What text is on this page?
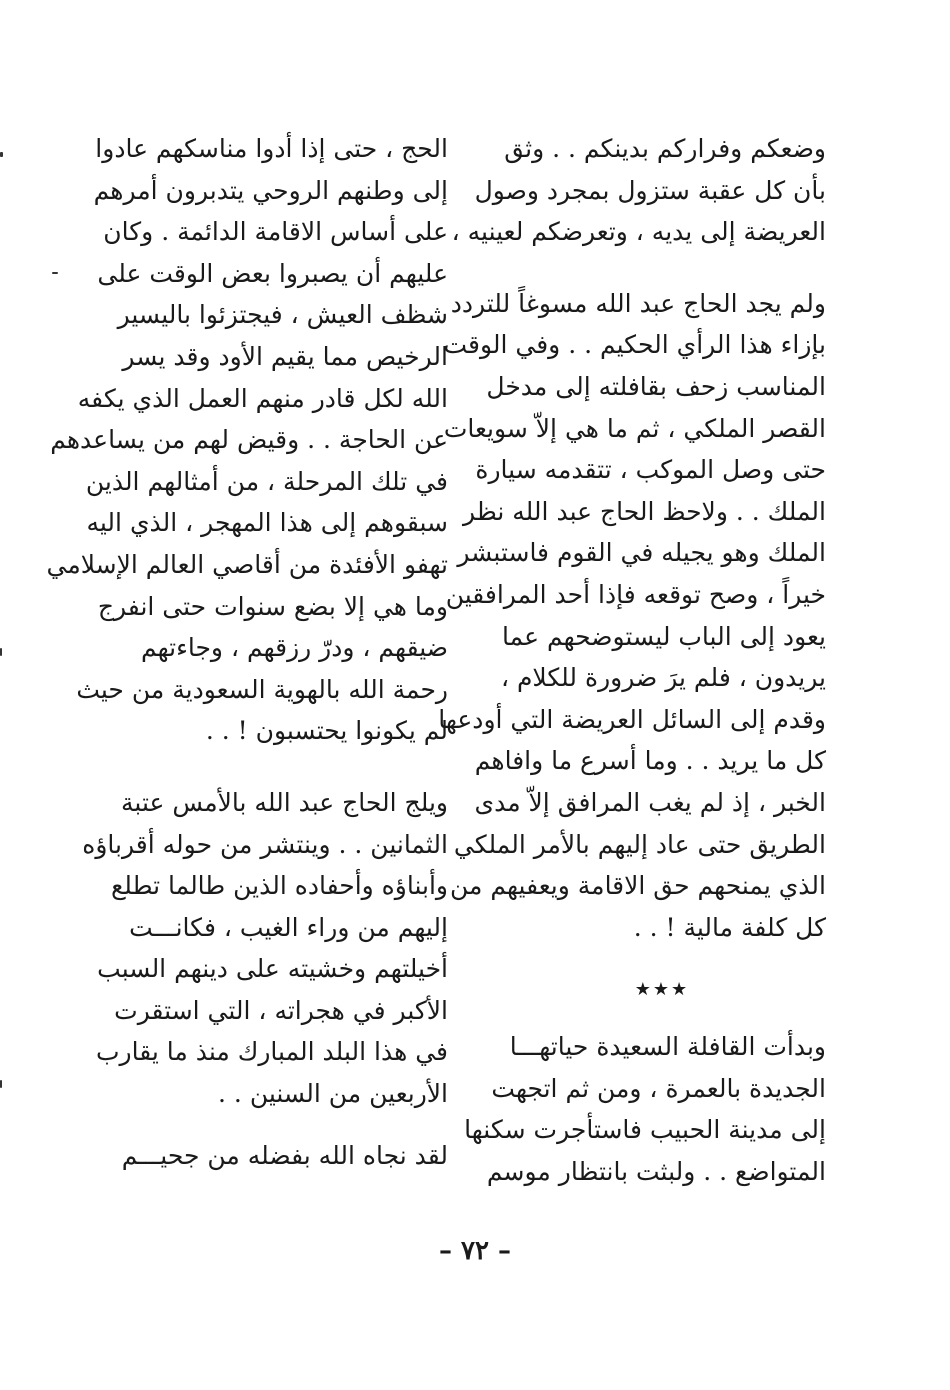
وضعكم وفراركم بدينكم . . وثق
بأن كل عقبة ستزول بمجرد وصول
العريضة إلى يديه ، وتعرضكم لعينيه ،
ولم يجد الحاج عبد الله مسوغاً للتردد
بإزاء هذا الرأي الحكيم . . وفي الوقت
المناسب زحف بقافلته إلى مدخل
القصر الملكي ، ثم ما هي إلاّ سويعات
حتى وصل الموكب ، تتقدمه سيارة
الملك . . ولاحظ الحاج عبد الله نظر
الملك وهو يجيله في القوم فاستبشر
خيراً ، وصح توقعه فإذا أحد المرافقين
يعود إلى الباب ليستوضحهم عما
يريدون ، فلم يرَ ضرورة للكلام ،
وقدم إلى السائل العريضة التي أودعها
كل ما يريد . . وما أسرع ما وافاهم
الخبر ، إذ لم يغب المرافق إلاّ مدى
الطريق حتى عاد إليهم بالأمر الملكي
الذي يمنحهم حق الاقامة ويعفيهم من
كل كلفة مالية ! . .
★★★
وبدأت القافلة السعيدة حياتهـــا
الجديدة بالعمرة ، ومن ثم اتجهت
إلى مدينة الحبيب فاستأجرت سكنها
المتواضع . . ولبثت بانتظار موسم
الحج ، حتى إذا أدوا مناسكهم عادوا
إلى وطنهم الروحي يتدبرون أمرهم
على أساس الاقامة الدائمة . وكان
عليهم أن يصبروا بعض الوقت على
شظف العيش ، فيجتزئوا باليسير
الرخيص مما يقيم الأود وقد يسر
الله لكل قادر منهم العمل الذي يكفه
عن الحاجة . . وقيض لهم من يساعدهم
في تلك المرحلة ، من أمثالهم الذين
سبقوهم إلى هذا المهجر ، الذي اليه
تهفو الأفئدة من أقاصي العالم الإسلامي
وما هي إلا بضع سنوات حتى انفرج
ضيقهم ، ودرّ رزقهم ، وجاءتهم
رحمة الله بالهوية السعودية من حيث
لم يكونوا يحتسبون ! . .
ويلج الحاج عبد الله بالأمس عتبة
الثمانين . . وينتشر من حوله أقرباؤه
وأبناؤه وأحفاده الذين طالما تطلع
إليهم من وراء الغيب ، فكانـــت
أخيلتهم وخشيته على دينهم السبب
الأكبر في هجراته ، التي استقرت
في هذا البلد المبارك منذ ما يقارب
الأربعين من السنين . .
لقد نجاه الله بفضله من جحيـــم
– ٧٢ –
